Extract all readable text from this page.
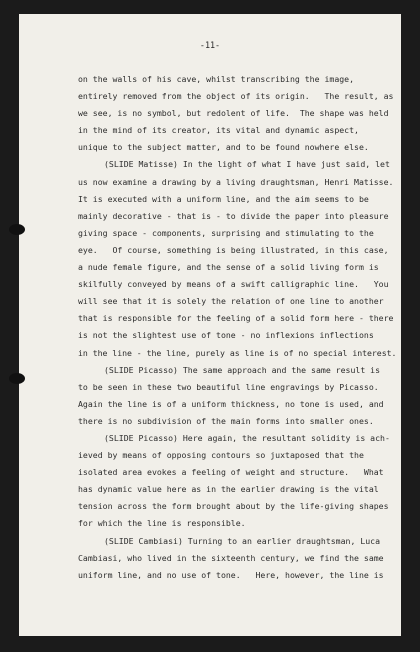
-11-
on the walls of his cave, whilst transcribing the image,
entirely removed from the object of its origin.   The result, as
we see, is no symbol, but redolent of life.  The shape was held
in the mind of its creator, its vital and dynamic aspect,
unique to the subject matter, and to be found nowhere else.
(SLIDE Matisse) In the light of what I have just said, let
us now examine a drawing by a living draughtsman, Henri Matisse.
It is executed with a uniform line, and the aim seems to be
mainly decorative - that is - to divide the paper into pleasure
giving space - components, surprising and stimulating to the
eye.   Of course, something is being illustrated, in this case,
a nude female figure, and the sense of a solid living form is
skilfully conveyed by means of a swift calligraphic line.   You
will see that it is solely the relation of one line to another
that is responsible for the feeling of a solid form here - there
is not the slightest use of tone - no inflexions inflections
in the line - the line, purely as line is of no special interest.
(SLIDE Picasso) The same approach and the same result is
to be seen in these two beautiful line engravings by Picasso.
Again the line is of a uniform thickness, no tone is used, and
there is no subdivision of the main forms into smaller ones.
(SLIDE Picasso) Here again, the resultant solidity is ach-
ieved by means of opposing contours so juxtaposed that the
isolated area evokes a feeling of weight and structure.   What
has dynamic value here as in the earlier drawing is the vital
tension across the form brought about by the life-giving shapes
for which the line is responsible.
(SLIDE Cambiasi) Turning to an earlier draughtsman, Luca
Cambiasi, who lived in the sixteenth century, we find the same
uniform line, and no use of tone.   Here, however, the line is
